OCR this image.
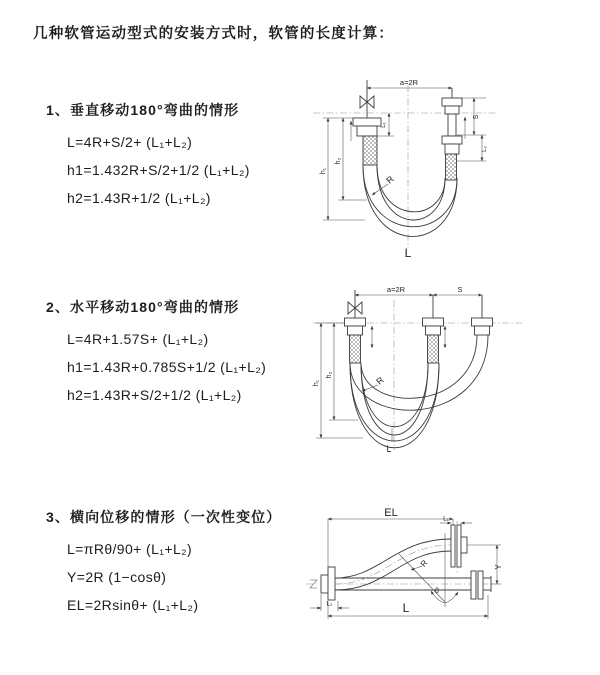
几种软管运动型式的安装方式时，软管的长度计算：
1、垂直移动180°弯曲的情形
L=4R+S/2+ (L₁+L₂)
h1=1.432R+S/2+1/2 (L₁+L₂)
h2=1.43R+1/2 (L₁+L₂)
2、水平移动180°弯曲的情形
L=4R+1.57S+ (L₁+L₂)
h1=1.43R+0.785S+1/2 (L₁+L₂)
h2=1.43R+S/2+1/2 (L₁+L₂)
3、横向位移的情形（一次性变位）
L=πRθ/90+ (L₁+L₂)
Y=2R (1−cosθ)
EL=2Rsinθ+ (L₁+L₂)
a=2R
h₁
h₂
L₁
S
L₂
R
L
a=2R	S
h₁
h₂	R
L
θ
R
EL	L₁
Y
L₂	L
